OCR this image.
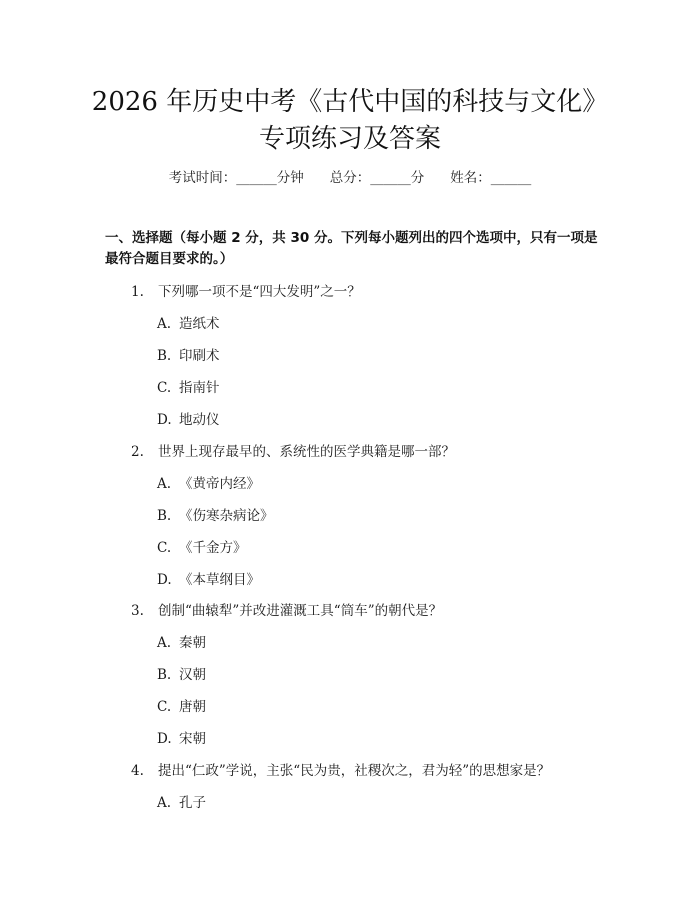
2026 年历史中考《古代中国的科技与文化》
专项练习及答案
考试时间：______分钟 总分：______分 姓名：______
一、选择题（每小题 2 分，共 30 分。下列每小题列出的四个选项中，只有一项是最符合题目要求的。）
1. 下列哪一项不是“四大发明”之一？
A. 造纸术
B. 印刷术
C. 指南针
D. 地动仪
2. 世界上现存最早的、系统性的医学典籍是哪一部？
A. 《黄帝内经》
B. 《伤寒杂病论》
C. 《千金方》
D. 《本草纲目》
3. 创制“曲辕犁”并改进灌溉工具“筒车”的朝代是？
A. 秦朝
B. 汉朝
C. 唐朝
D. 宋朝
4. 提出“仁政”学说，主张“民为贵，社稷次之，君为轻”的思想家是？
A. 孔子
